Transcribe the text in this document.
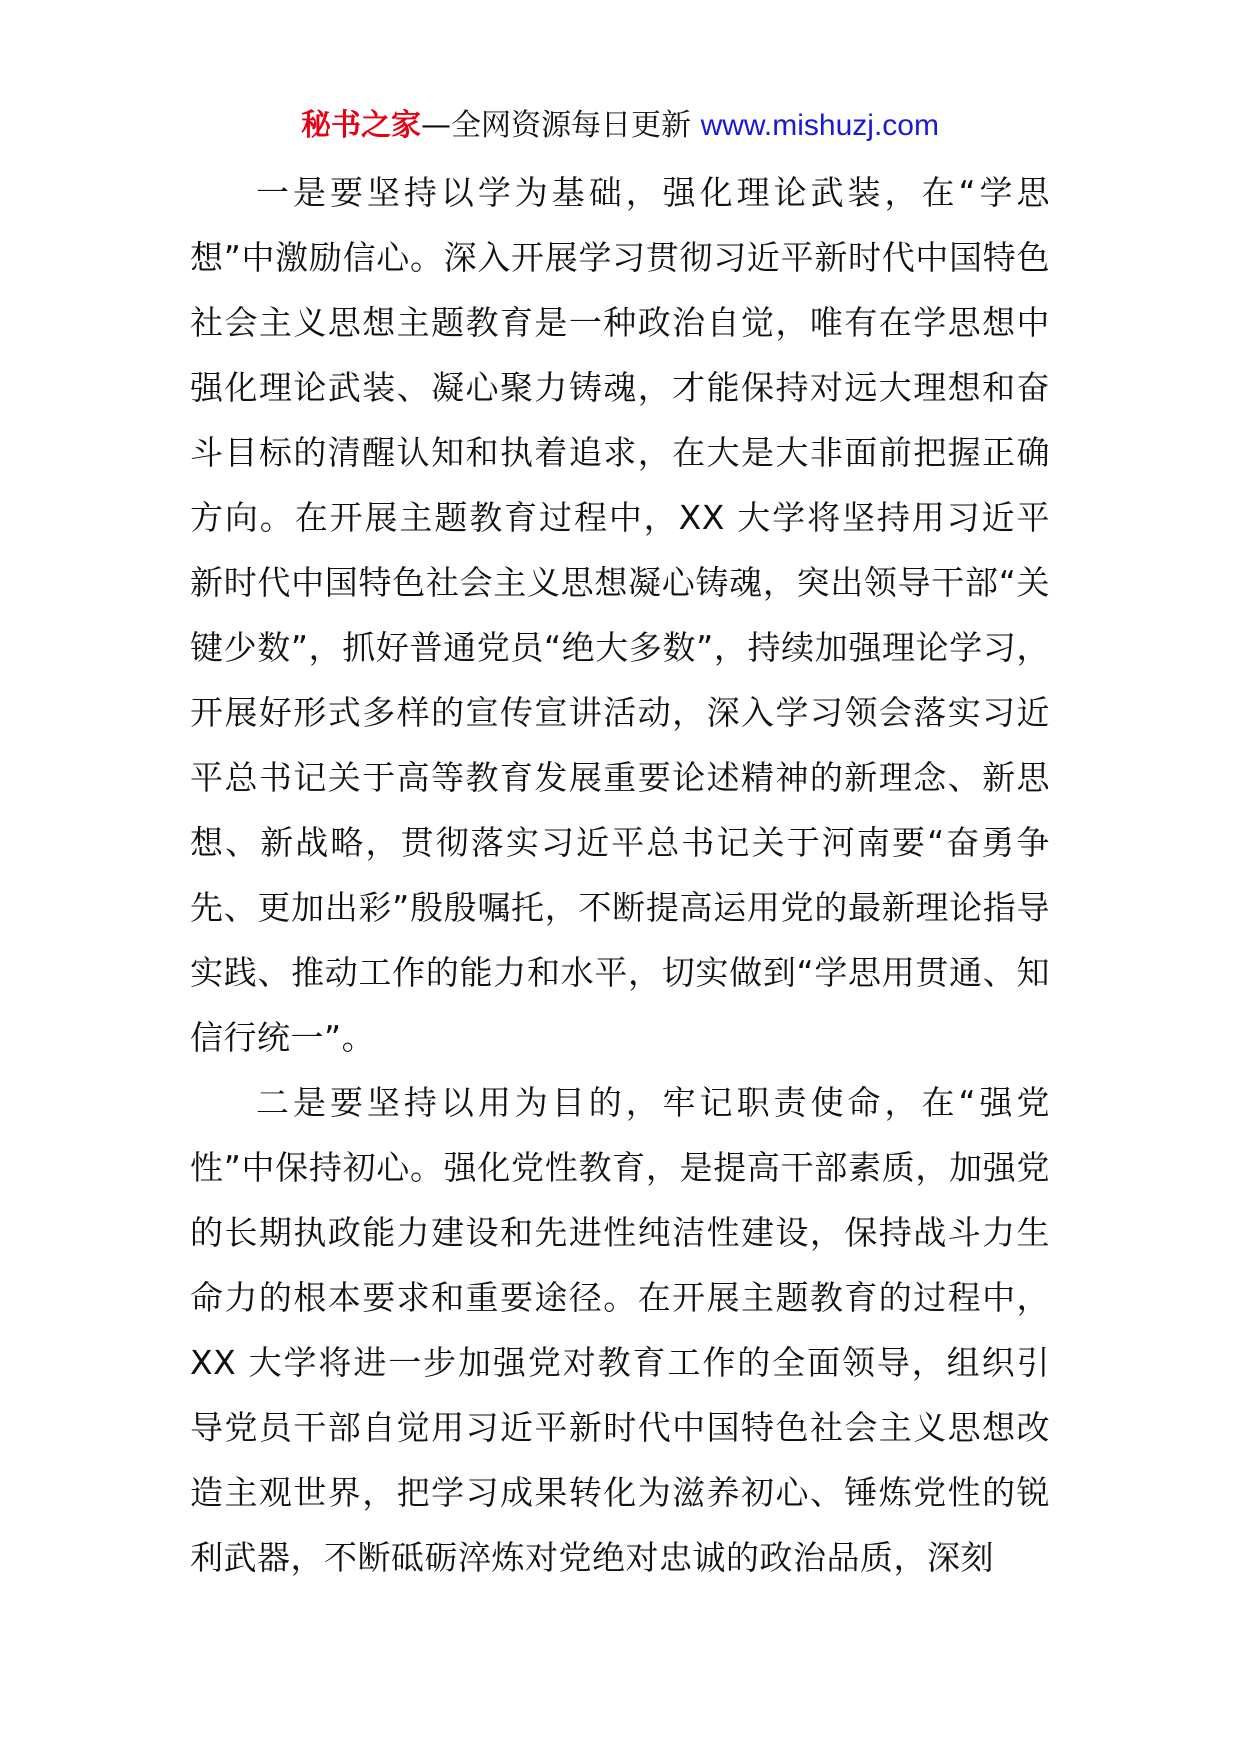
秘书之家—全网资源每日更新 www.mishuzj.com

一是要坚持以学为基础，强化理论武装，在“学思想”中激励信心。深入开展学习贯彻习近平新时代中国特色社会主义思想主题教育是一种政治自觉，唯有在学思想中强化理论武装、凝心聚力铸魂，才能保持对远大理想和奋斗目标的清醒认知和执着追求，在大是大非面前把握正确方向。在开展主题教育过程中，XX 大学将坚持用习近平新时代中国特色社会主义思想凝心铸魂，突出领导干部“关键少数”，抓好普通党员“绝大多数”，持续加强理论学习，开展好形式多样的宣传宣讲活动，深入学习领会落实习近平总书记关于高等教育发展重要论述精神的新理念、新思想、新战略，贯彻落实习近平总书记关于河南要“奋勇争先、更加出彩”殷殷嘱托，不断提高运用党的最新理论指导实践、推动工作的能力和水平，切实做到“学思用贯通、知信行统一”。

二是要坚持以用为目的，牢记职责使命，在“强党性”中保持初心。强化党性教育，是提高干部素质，加强党的长期执政能力建设和先进性纯洁性建设，保持战斗力生命力的根本要求和重要途径。在开展主题教育的过程中，XX 大学将进一步加强党对教育工作的全面领导，组织引导党员干部自觉用习近平新时代中国特色社会主义思想改造主观世界，把学习成果转化为滋养初心、锤炼党性的锐利武器，不断砥砺淬炼对党绝对忠诚的政治品质，深刻
